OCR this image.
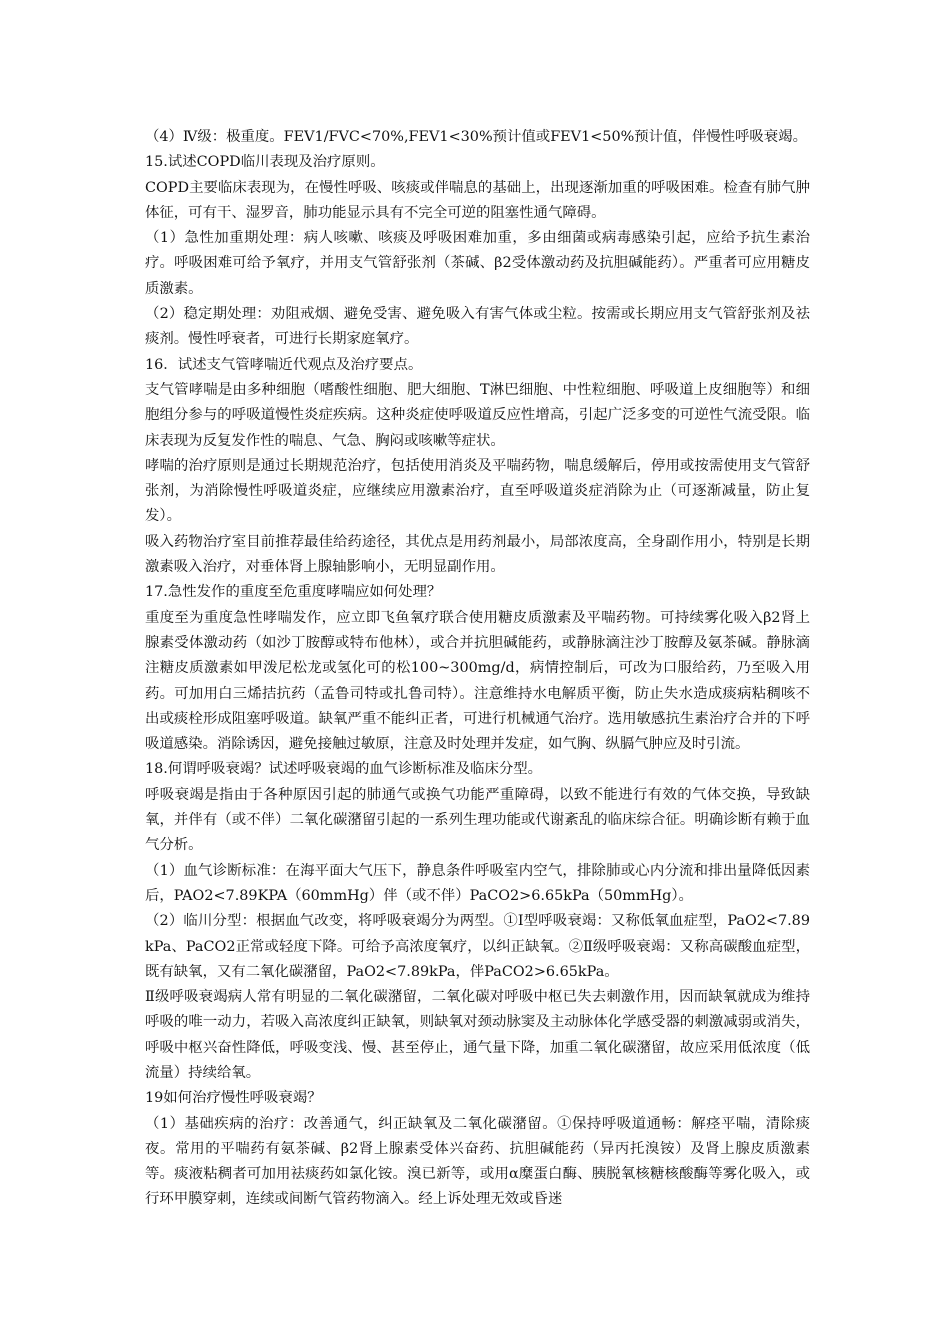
（4）Ⅳ级：极重度。FEV1/FVC<70%,FEV1<30%预计值或FEV1<50%预计值，伴慢性呼吸衰竭。

15.试述COPD临川表现及治疗原则。

COPD主要临床表现为，在慢性呼吸、咳痰或伴喘息的基础上，出现逐渐加重的呼吸困难。检查有肺气肿体征，可有干、湿罗音，肺功能显示具有不完全可逆的阻塞性通气障碍。

（1）急性加重期处理：病人咳嗽、咳痰及呼吸困难加重，多由细菌或病毒感染引起，应给予抗生素治疗。呼吸困难可给予氧疗，并用支气管舒张剂（茶碱、β2受体激动药及抗胆碱能药）。严重者可应用糖皮质激素。

（2）稳定期处理：劝阻戒烟、避免受害、避免吸入有害气体或尘粒。按需或长期应用支气管舒张剂及祛痰剂。慢性呼衰者，可进行长期家庭氧疗。

16．试述支气管哮喘近代观点及治疗要点。

支气管哮喘是由多种细胞（嗜酸性细胞、肥大细胞、T淋巴细胞、中性粒细胞、呼吸道上皮细胞等）和细胞组分参与的呼吸道慢性炎症疾病。这种炎症使呼吸道反应性增高，引起广泛多变的可逆性气流受限。临床表现为反复发作性的喘息、气急、胸闷或咳嗽等症状。

哮喘的治疗原则是通过长期规范治疗，包括使用消炎及平喘药物，喘息缓解后，停用或按需使用支气管舒张剂，为消除慢性呼吸道炎症，应继续应用激素治疗，直至呼吸道炎症消除为止（可逐渐减量，防止复发）。

吸入药物治疗室目前推荐最佳给药途径，其优点是用药剂最小，局部浓度高，全身副作用小，特别是长期激素吸入治疗，对垂体肾上腺轴影响小，无明显副作用。

17.急性发作的重度至危重度哮喘应如何处理？

重度至为重度急性哮喘发作，应立即飞鱼氧疗联合使用糖皮质激素及平喘药物。可持续雾化吸入β2肾上腺素受体激动药（如沙丁胺醇或特布他林），或合并抗胆碱能药，或静脉滴注沙丁胺醇及氨茶碱。静脉滴注糖皮质激素如甲泼尼松龙或氢化可的松100~300mg/d，病情控制后，可改为口服给药，乃至吸入用药。可加用白三烯拮抗药（孟鲁司特或扎鲁司特）。注意维持水电解质平衡，防止失水造成痰病粘稠咳不出或痰栓形成阻塞呼吸道。缺氧严重不能纠正者，可进行机械通气治疗。选用敏感抗生素治疗合并的下呼吸道感染。消除诱因，避免接触过敏原，注意及时处理并发症，如气胸、纵膈气肿应及时引流。

18.何谓呼吸衰竭？试述呼吸衰竭的血气诊断标准及临床分型。

呼吸衰竭是指由于各种原因引起的肺通气或换气功能严重障碍，以致不能进行有效的气体交换，导致缺氧，并伴有（或不伴）二氧化碳潴留引起的一系列生理功能或代谢紊乱的临床综合征。明确诊断有赖于血气分析。

（1）血气诊断标准：在海平面大气压下，静息条件呼吸室内空气，排除肺或心内分流和排出量降低因素后，PAO2<7.89KPA（60mmHg）伴（或不伴）PaCO2>6.65kPa（50mmHg）。

（2）临川分型：根据血气改变，将呼吸衰竭分为两型。①Ⅰ型呼吸衰竭：又称低氧血症型，PaO2<7.89kPa、PaCO2正常或轻度下降。可给予高浓度氧疗，以纠正缺氧。②Ⅱ级呼吸衰竭：又称高碳酸血症型，既有缺氧，又有二氧化碳潴留，PaO2<7.89kPa，伴PaCO2>6.65kPa。

Ⅱ级呼吸衰竭病人常有明显的二氧化碳潴留，二氧化碳对呼吸中枢已失去刺激作用，因而缺氧就成为维持呼吸的唯一动力，若吸入高浓度纠正缺氧，则缺氧对颈动脉窦及主动脉体化学感受器的刺激减弱或消失，呼吸中枢兴奋性降低，呼吸变浅、慢、甚至停止，通气量下降，加重二氧化碳潴留，故应采用低浓度（低流量）持续给氧。

19如何治疗慢性呼吸衰竭？

（1）基础疾病的治疗：改善通气，纠正缺氧及二氧化碳潴留。①保持呼吸道通畅：解痉平喘，清除痰夜。常用的平喘药有氨茶碱、β2肾上腺素受体兴奋药、抗胆碱能药（异丙托溴铵）及肾上腺皮质激素等。痰液粘稠者可加用祛痰药如氯化铵。溴已新等，或用α糜蛋白酶、胰脱氧核糖核酸酶等雾化吸入，或行环甲膜穿刺，连续或间断气管药物滴入。经上诉处理无效或昏迷
